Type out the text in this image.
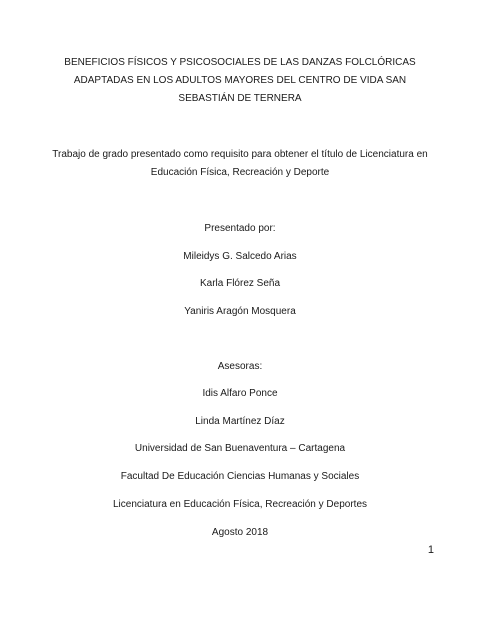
BENEFICIOS FÍSICOS Y PSICOSOCIALES DE LAS DANZAS FOLCLÓRICAS
ADAPTADAS EN LOS ADULTOS MAYORES DEL CENTRO DE VIDA SAN
SEBASTIÁN DE TERNERA
Trabajo de grado presentado como requisito para obtener el título de Licenciatura en
Educación Física, Recreación y Deporte
Presentado por:
Mileidys G. Salcedo Arias
Karla Flórez Seña
Yaniris Aragón Mosquera
Asesoras:
Idis Alfaro Ponce
Linda Martínez Díaz
Universidad de San Buenaventura – Cartagena
Facultad De Educación Ciencias Humanas y Sociales
Licenciatura en Educación Física, Recreación y Deportes
Agosto 2018
1
